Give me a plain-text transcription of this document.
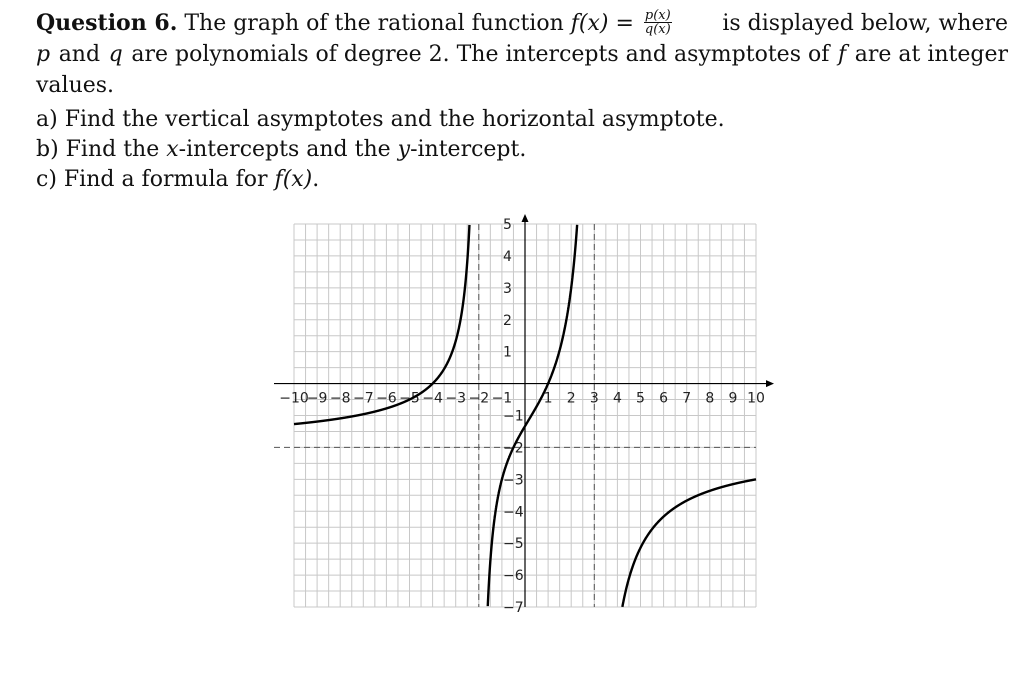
Question 6. The graph of the rational function $f(x) = \frac{p(x)}{q(x)}$ is displayed below, where
p and q are polynomials of degree 2. The intercepts and asymptotes of f are at integer
values.
a) Find the vertical asymptotes and the horizontal asymptote.
b) Find the x-intercepts and the y-intercept.
c) Find a formula for f(x).
−10
−9 −8 −7 −6 −5 −4 −3 −2 −1 1 2 3 4 5 6 7 8 9 10
5
4
3
2
1
−1
−2
−3
−4
−5
−6
−7
